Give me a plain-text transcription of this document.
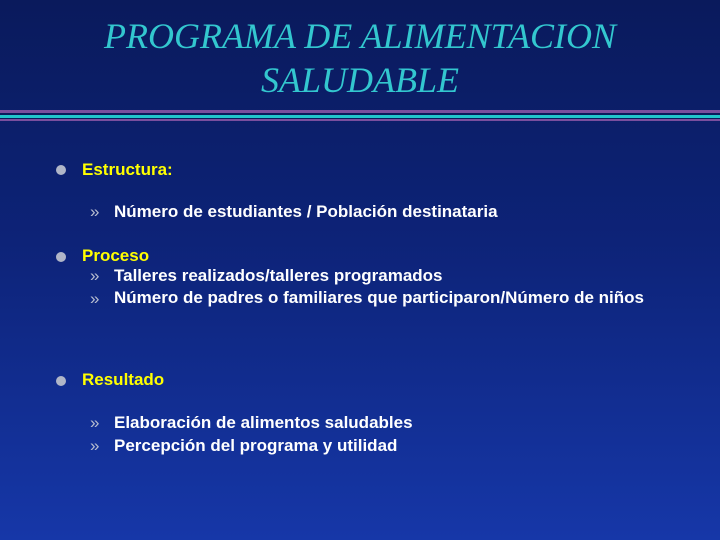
PROGRAMA DE ALIMENTACION
SALUDABLE
Estructura:
» Número de estudiantes / Población destinataria
Proceso
» Talleres realizados/talleres programados
» Número de padres o familiares que participaron/Número de niños
Resultado
» Elaboración de alimentos saludables
» Percepción del programa y utilidad
